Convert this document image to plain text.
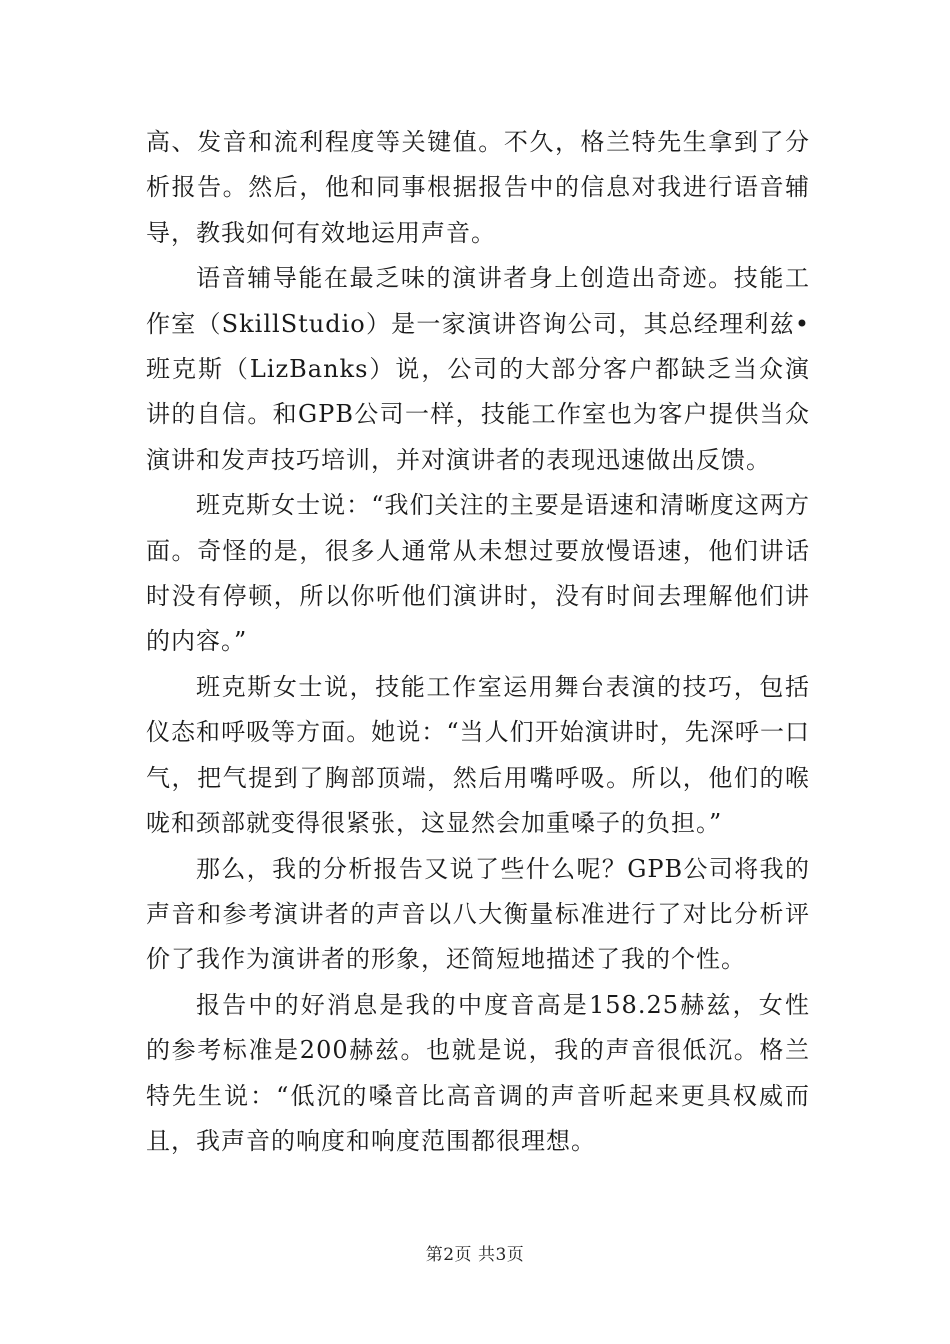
高、发音和流利程度等关键值。不久，格兰特先生拿到了分析报告。然后，他和同事根据报告中的信息对我进行语音辅导，教我如何有效地运用声音。

语音辅导能在最乏味的演讲者身上创造出奇迹。技能工作室（SkillStudio）是一家演讲咨询公司，其总经理利兹•班克斯（LizBanks）说，公司的大部分客户都缺乏当众演讲的自信。和GPB公司一样，技能工作室也为客户提供当众演讲和发声技巧培训，并对演讲者的表现迅速做出反馈。

班克斯女士说：“我们关注的主要是语速和清晰度这两方面。奇怪的是，很多人通常从未想过要放慢语速，他们讲话时没有停顿，所以你听他们演讲时，没有时间去理解他们讲的内容。”

班克斯女士说，技能工作室运用舞台表演的技巧，包括仪态和呼吸等方面。她说：“当人们开始演讲时，先深呼一口气，把气提到了胸部顶端，然后用嘴呼吸。所以，他们的喉咙和颈部就变得很紧张，这显然会加重嗓子的负担。”

那么，我的分析报告又说了些什么呢？GPB公司将我的声音和参考演讲者的声音以八大衡量标准进行了对比分析评价了我作为演讲者的形象，还简短地描述了我的个性。

报告中的好消息是我的中度音高是158.25赫兹，女性的参考标准是200赫兹。也就是说，我的声音很低沉。格兰特先生说：“低沉的嗓音比高音调的声音听起来更具权威而且，我声音的响度和响度范围都很理想。

第2页 共3页
